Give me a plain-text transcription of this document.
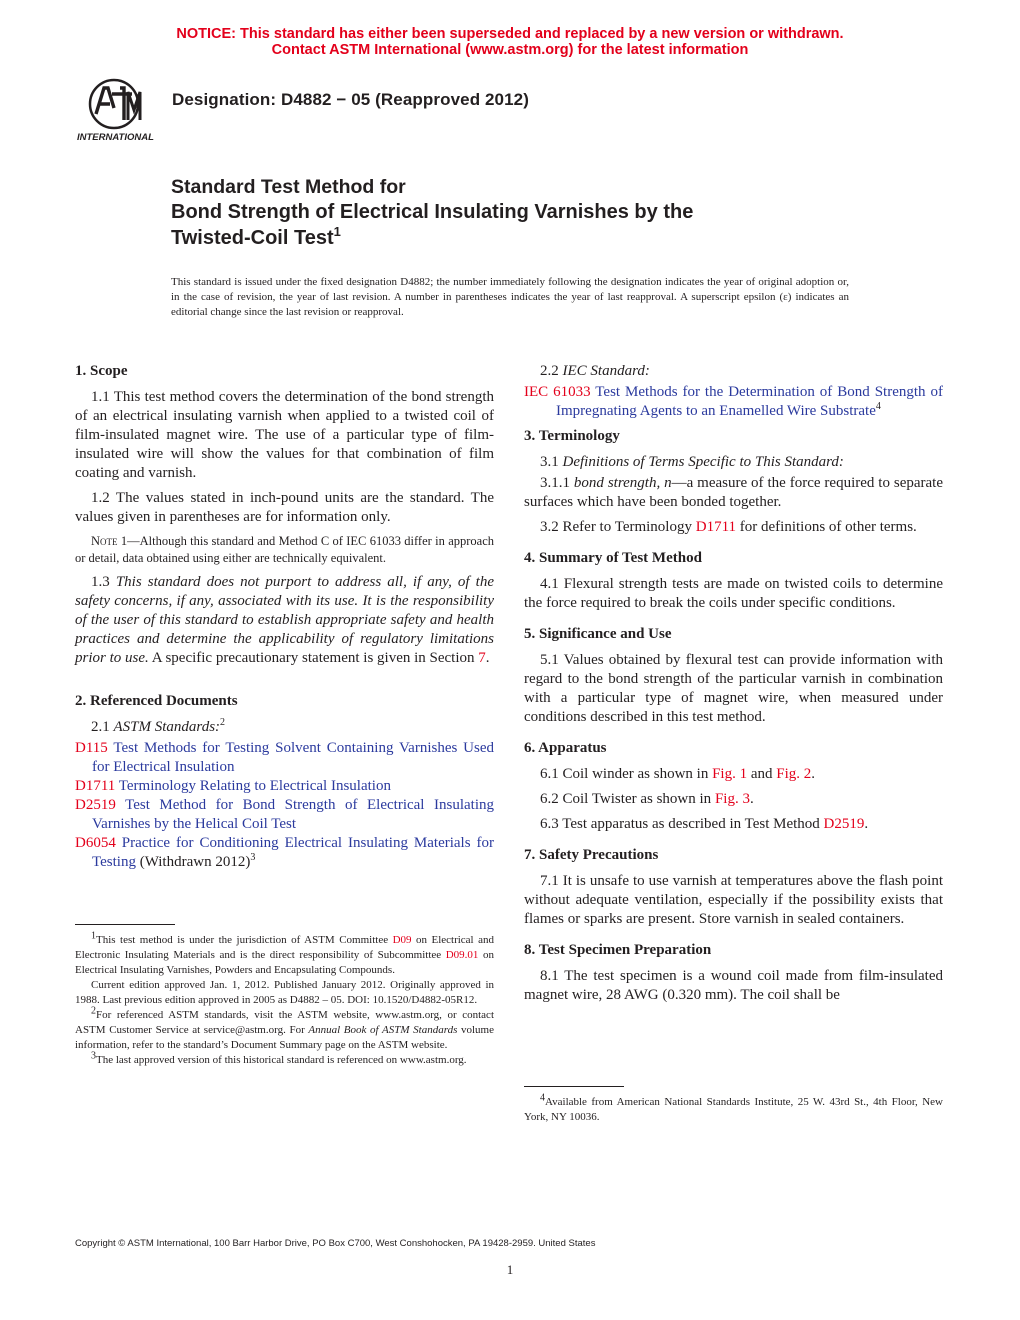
NOTICE: This standard has either been superseded and replaced by a new version or withdrawn.
Contact ASTM International (www.astm.org) for the latest information
INTERNATIONAL
Designation: D4882 − 05 (Reapproved 2012)
Standard Test Method for
Bond Strength of Electrical Insulating Varnishes by the
Twisted-Coil Test$^1$
This standard is issued under the fixed designation D4882; the number immediately following the designation indicates the year of original adoption or, in the case of revision, the year of last revision. A number in parentheses indicates the year of last reapproval. A superscript epsilon (ε) indicates an editorial change since the last revision or reapproval.
1. Scope

1.1 This test method covers the determination of the bond strength of an electrical insulating varnish when applied to a twisted coil of film-insulated magnet wire. The use of a particular type of film-insulated wire will show the values for that combination of film coating and varnish.

1.2 The values stated in inch-pound units are the standard. The values given in parentheses are for information only.

Note 1—Although this standard and Method C of IEC 61033 differ in approach or detail, data obtained using either are technically equivalent.

1.3 This standard does not purport to address all, if any, of the safety concerns, if any, associated with its use. It is the responsibility of the user of this standard to establish appropriate safety and health practices and determine the applicability of regulatory limitations prior to use. A specific precautionary statement is given in Section 7.

2. Referenced Documents

2.1 ASTM Standards:$^2$

D115 Test Methods for Testing Solvent Containing Varnishes Used for Electrical Insulation

D1711 Terminology Relating to Electrical Insulation

D2519 Test Method for Bond Strength of Electrical Insulating Varnishes by the Helical Coil Test

D6054 Practice for Conditioning Electrical Insulating Materials for Testing (Withdrawn 2012)$^3$

2.2 IEC Standard:

IEC 61033 Test Methods for the Determination of Bond Strength of Impregnating Agents to an Enamelled Wire Substrate$^4$

3. Terminology

3.1 Definitions of Terms Specific to This Standard:

3.1.1 bond strength, n—a measure of the force required to separate surfaces which have been bonded together.

3.2 Refer to Terminology D1711 for definitions of other terms.

4. Summary of Test Method

4.1 Flexural strength tests are made on twisted coils to determine the force required to break the coils under specific conditions.

5. Significance and Use

5.1 Values obtained by flexural test can provide information with regard to the bond strength of the particular varnish in combination with a particular type of magnet wire, when measured under conditions described in this test method.

6. Apparatus

6.1 Coil winder as shown in Fig. 1 and Fig. 2.

6.2 Coil Twister as shown in Fig. 3.

6.3 Test apparatus as described in Test Method D2519.

7. Safety Precautions

7.1 It is unsafe to use varnish at temperatures above the flash point without adequate ventilation, especially if the possibility exists that flames or sparks are present. Store varnish in sealed containers.

8. Test Specimen Preparation

8.1 The test specimen is a wound coil made from film-insulated magnet wire, 28 AWG (0.320 mm). The coil shall be

$^1$This test method is under the jurisdiction of ASTM Committee D09 on Electrical and Electronic Insulating Materials and is the direct responsibility of Subcommittee D09.01 on Electrical Insulating Varnishes, Powders and Encapsulating Compounds.

Current edition approved Jan. 1, 2012. Published January 2012. Originally approved in 1988. Last previous edition approved in 2005 as D4882 – 05. DOI: 10.1520/D4882-05R12.

$^2$For referenced ASTM standards, visit the ASTM website, www.astm.org, or contact ASTM Customer Service at service@astm.org. For Annual Book of ASTM Standards volume information, refer to the standard’s Document Summary page on the ASTM website.

$^3$The last approved version of this historical standard is referenced on www.astm.org.

$^4$Available from American National Standards Institute, 25 W. 43rd St., 4th Floor, New York, NY 10036.

Copyright © ASTM International, 100 Barr Harbor Drive, PO Box C700, West Conshohocken, PA 19428-2959. United States
1
